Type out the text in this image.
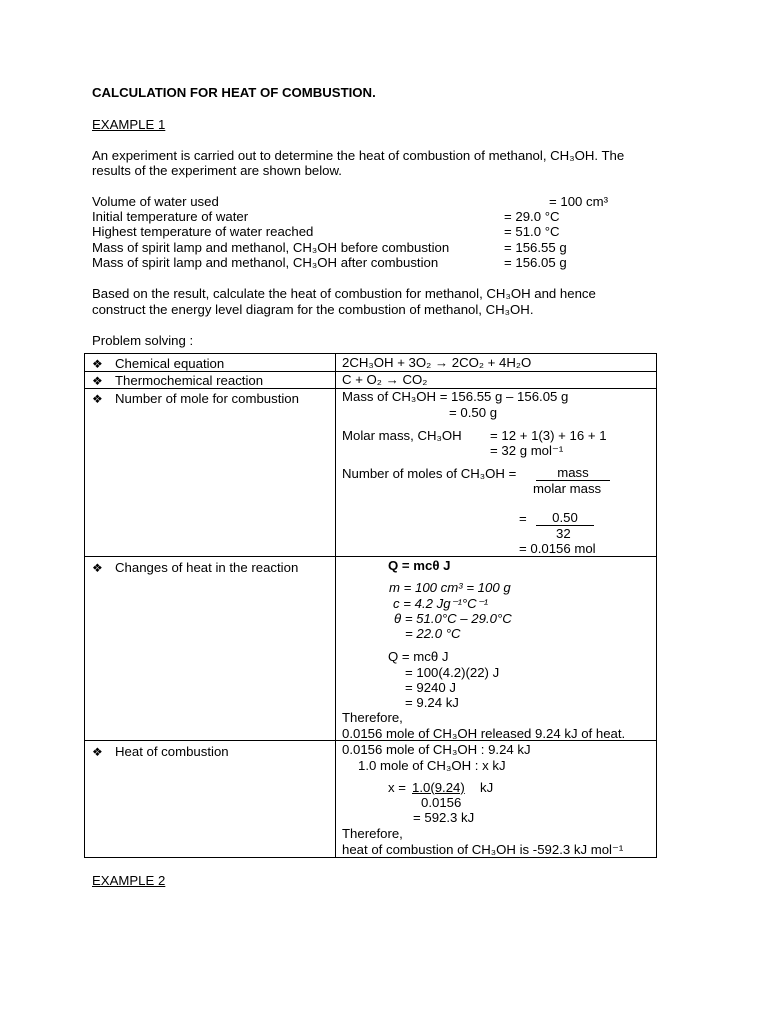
CALCULATION FOR HEAT OF COMBUSTION.
EXAMPLE 1
An experiment is carried out to determine the heat of combustion of methanol, CH₃OH. The
results of the experiment are shown below.
Volume of water used	= 100 cm³
Initial temperature of water	= 29.0 °C
Highest temperature of water reached	= 51.0 °C
Mass of spirit lamp and methanol, CH₃OH before combustion	= 156.55 g
Mass of spirit lamp and methanol, CH₃OH after combustion	= 156.05 g
Based on the result, calculate the heat of combustion for methanol, CH₃OH and hence
construct the energy level diagram for the combustion of methanol, CH₃OH.
Problem solving :
❖ Chemical equation	2CH₃OH + 3O₂ → 2CO₂ + 4H₂O
❖ Thermochemical reaction	C + O₂ → CO₂
❖ Number of mole for combustion	Mass of CH₃OH = 156.55 g – 156.05 g
= 0.50 g
Molar mass, CH₃OH = 12 + 1(3) + 16 + 1
= 32 g mol⁻¹
Number of moles of CH₃OH =	mass
molar mass
=	0.50
32
= 0.0156 mol
❖ Changes of heat in the reaction	Q = mcθ J
m = 100 cm³ = 100 g
c = 4.2 Jg⁻¹°C⁻¹
θ = 51.0°C – 29.0°C
= 22.0 °C
Q = mcθ J
= 100(4.2)(22) J
= 9240 J
= 9.24 kJ
Therefore,
0.0156 mole of CH₃OH released 9.24 kJ of heat.
❖ Heat of combustion	0.0156 mole of CH₃OH : 9.24 kJ
1.0 mole of CH₃OH : x kJ
x = 1.0(9.24) kJ
0.0156
= 592.3 kJ
Therefore,
heat of combustion of CH₃OH is -592.3 kJ mol⁻¹
EXAMPLE 2
